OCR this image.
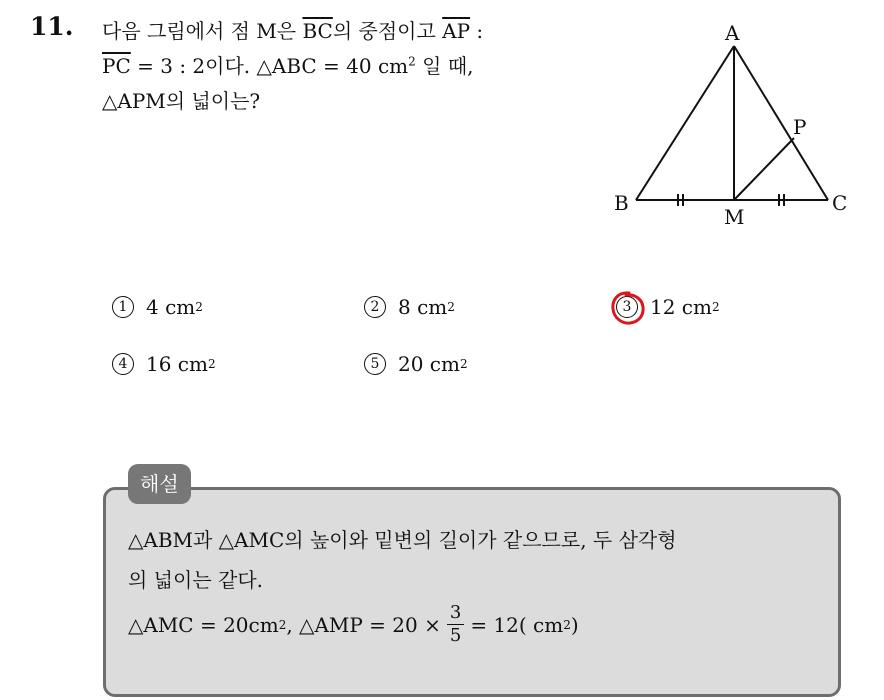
11. 다음 그림에서 점 M은 $\overline{BC}$의 중점이고 $\overline{AP}$ :
$\overline{PC} = 3$ : 2이다. △ABC = 40 $cm^2$ 일 때,
△APM의 넓이는?
A
B	C
M
P
1 4 cm 2	2 8 cm 2	3 12 cm 2
4 16 cm 2	5 20 cm 2
해설
△ABM과 △AMC의 높이와 밑변의 길이가 같으므로, 두 삼각형
의 넓이는 같다.
△AMC = 20cm 2 , △AMP = $20 \times \frac{3}{5} = 12$( cm 2 )
